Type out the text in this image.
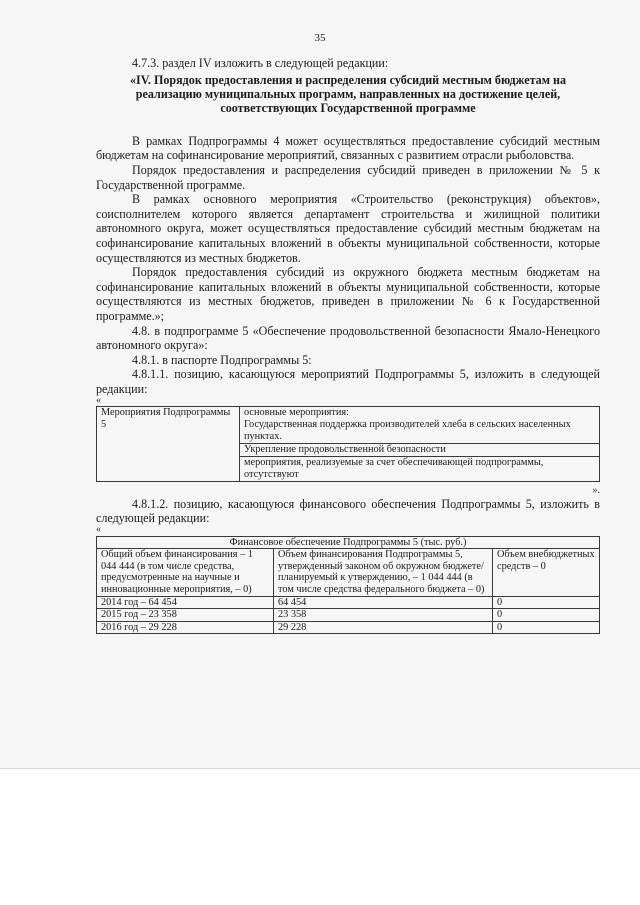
35

4.7.3. раздел IV изложить в следующей редакции:

«IV. Порядок предоставления и распределения субсидий местным бюджетам на реализацию муниципальных программ, направленных на достижение целей, соответствующих Государственной программе

В рамках Подпрограммы 4 может осуществляться предоставление субсидий местным бюджетам на софинансирование мероприятий, связанных с развитием отрасли рыболовства.

Порядок предоставления и распределения субсидий приведен в приложении № 5 к Государственной программе.

В рамках основного мероприятия «Строительство (реконструкция) объектов», соисполнителем которого является департамент строительства и жилищной политики автономного округа, может осуществляться предоставление субсидий местным бюджетам на софинансирование капитальных вложений в объекты муниципальной собственности, которые осуществляются из местных бюджетов.

Порядок предоставления субсидий из окружного бюджета местным бюджетам на софинансирование капитальных вложений в объекты муниципальной собственности, которые осуществляются из местных бюджетов, приведен в приложении № 6 к Государственной программе.»;

4.8. в подпрограмме 5 «Обеспечение продовольственной безопасности Ямало-Ненецкого автономного округа»:

4.8.1. в паспорте Подпрограммы 5:

4.8.1.1. позицию, касающуюся мероприятий Подпрограммы 5, изложить в следующей редакции:

«

Мероприятия Подпрограммы 5	основные мероприятия:
Государственная поддержка производителей хлеба в сельских населенных пунктах.
Укрепление продовольственной безопасности
мероприятия, реализуемые за счет обеспечивающей подпрограммы, отсутствуют

».

4.8.1.2. позицию, касающуюся финансового обеспечения Подпрограммы 5, изложить в следующей редакции:

«

Финансовое обеспечение Подпрограммы 5 (тыс. руб.)		
Общий объем финансирования – 1 044 444 (в том числе средства, предусмотренные на научные и инновационные мероприятия, – 0)	Объем финансирования Подпрограммы 5, утвержденный законом об окружном бюджете/планируемый к утверждению, – 1 044 444 (в том числе средства федерального бюджета – 0)	Объем внебюджетных средств – 0
2014 год – 64 454	64 454	0
2015 год – 23 358	23 358	0
2016 год – 29 228	29 228	0
